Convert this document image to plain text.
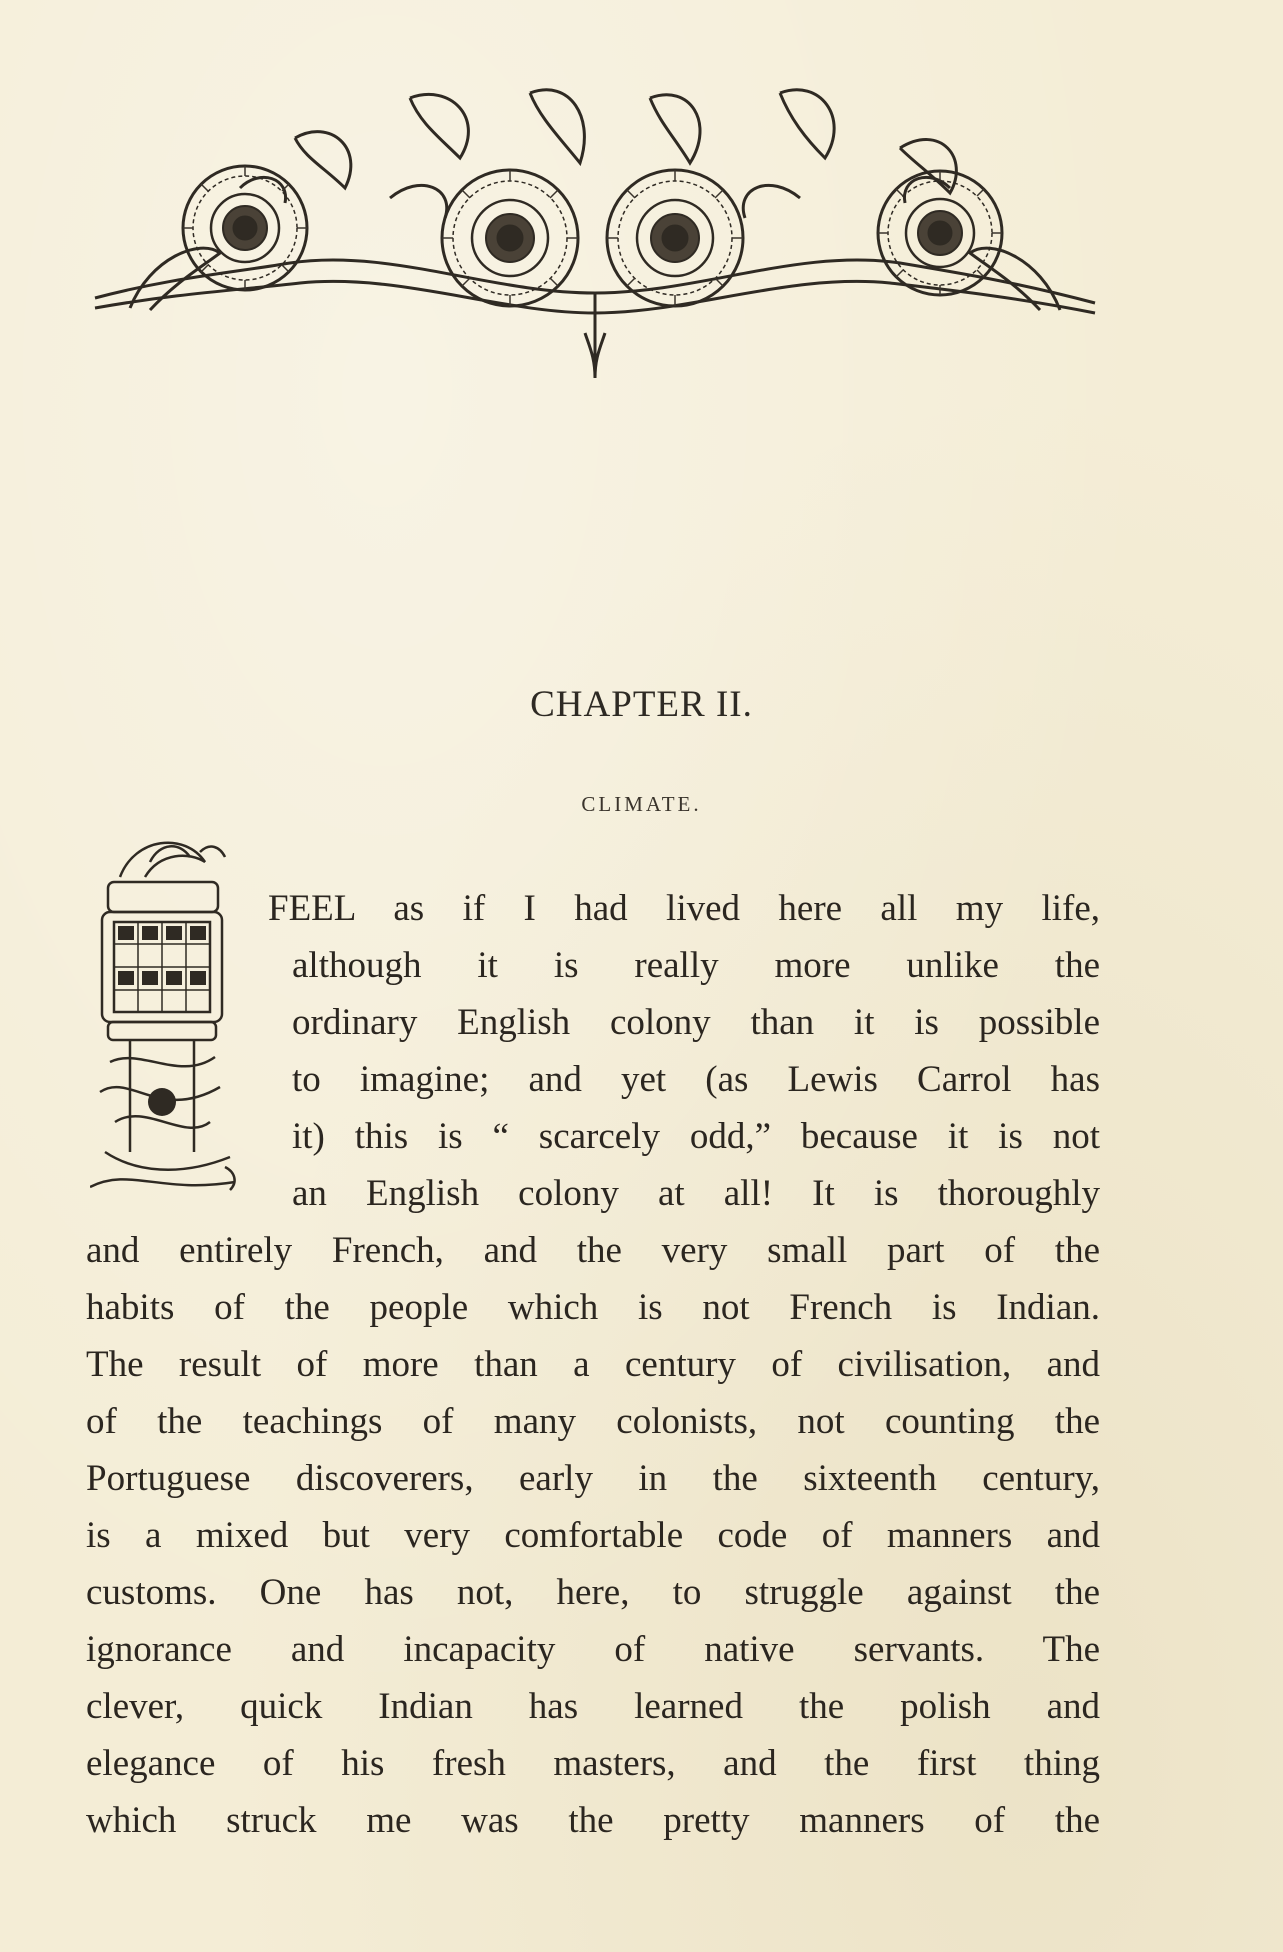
CHAPTER II.
CLIMATE.
FEEL as if I had lived here all my life,
although it is really more unlike the
ordinary English colony than it is possible
to imagine; and yet (as Lewis Carrol has
it) this is “ scarcely odd,” because it is not
an English colony at all! It is thoroughly
and entirely French, and the very small part of the
habits of the people which is not French is Indian.
The result of more than a century of civilisation, and
of the teachings of many colonists, not counting the
Portuguese discoverers, early in the sixteenth century,
is a mixed but very comfortable code of manners and
customs. One has not, here, to struggle against the
ignorance and incapacity of native servants. The
clever, quick Indian has learned the polish and
elegance of his fresh masters, and the first thing
which struck me was the pretty manners of the
